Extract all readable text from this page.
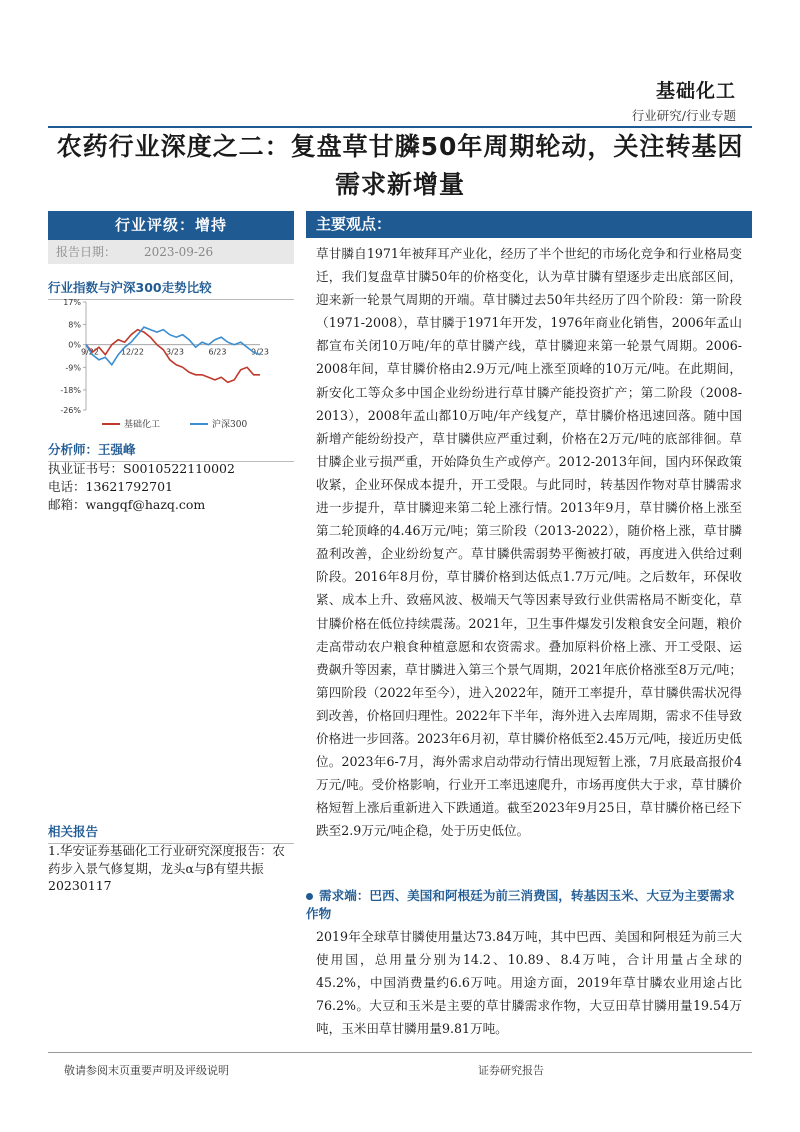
基础化工
行业研究/行业专题
农药行业深度之二：复盘草甘膦50年周期轮动，关注转基因需求新增量
行业评级：增持
报告日期： 2023-09-26
行业指数与沪深300走势比较
17%
8%
0%
-9%
-18%
-26%
9/22	12/22	3/23	6/23	9/23
基础化工	沪深300
分析师：王强峰
执业证书号：S0010522110002
电话：13621792701
邮箱：wangqf@hazq.com
相关报告
1.华安证券基础化工行业研究深度报告：农药步入景气修复期，龙头α与β有望共振 20230117
主要观点：
草甘膦自1971年被拜耳产业化，经历了半个世纪的市场化竞争和行业格局变迁，我们复盘草甘膦50年的价格变化，认为草甘膦有望逐步走出底部区间，迎来新一轮景气周期的开端。草甘膦过去50年共经历了四个阶段：第一阶段（1971-2008），草甘膦于1971年开发，1976年商业化销售，2006年孟山都宣布关闭10万吨/年的草甘膦产线，草甘膦迎来第一轮景气周期。2006-2008年间，草甘膦价格由2.9万元/吨上涨至顶峰的10万元/吨。在此期间，新安化工等众多中国企业纷纷进行草甘膦产能投资扩产；第二阶段（2008-2013），2008年孟山都10万吨/年产线复产，草甘膦价格迅速回落。随中国新增产能纷纷投产，草甘膦供应严重过剩，价格在2万元/吨的底部徘徊。草甘膦企业亏损严重，开始降负生产或停产。2012-2013年间，国内环保政策收紧，企业环保成本提升，开工受限。与此同时，转基因作物对草甘膦需求进一步提升，草甘膦迎来第二轮上涨行情。2013年9月，草甘膦价格上涨至第二轮顶峰的4.46万元/吨；第三阶段（2013-2022），随价格上涨，草甘膦盈利改善，企业纷纷复产。草甘膦供需弱势平衡被打破，再度进入供给过剩阶段。2016年8月份，草甘膦价格到达低点1.7万元/吨。之后数年，环保收紧、成本上升、致癌风波、极端天气等因素导致行业供需格局不断变化，草甘膦价格在低位持续震荡。2021年，卫生事件爆发引发粮食安全问题，粮价走高带动农户粮食种植意愿和农资需求。叠加原料价格上涨、开工受限、运费飙升等因素，草甘膦进入第三个景气周期，2021年底价格涨至8万元/吨；第四阶段（2022年至今），进入2022年，随开工率提升，草甘膦供需状况得到改善，价格回归理性。2022年下半年，海外进入去库周期，需求不佳导致价格进一步回落。2023年6月初，草甘膦价格低至2.45万元/吨，接近历史低位。2023年6-7月，海外需求启动带动行情出现短暂上涨，7月底最高报价4万元/吨。受价格影响，行业开工率迅速爬升，市场再度供大于求，草甘膦价格短暂上涨后重新进入下跌通道。截至2023年9月25日，草甘膦价格已经下跌至2.9万元/吨企稳，处于历史低位。
需求端：巴西、美国和阿根廷为前三消费国，转基因玉米、大豆为主要需求作物
2019年全球草甘膦使用量达73.84万吨，其中巴西、美国和阿根廷为前三大使用国，总用量分别为14.2、10.89、8.4万吨，合计用量占全球的45.2%，中国消费量约6.6万吨。用途方面，2019年草甘膦农业用途占比76.2%。大豆和玉米是主要的草甘膦需求作物，大豆田草甘膦用量19.54万吨，玉米田草甘膦用量9.81万吨。
敬请参阅末页重要声明及评级说明	证券研究报告
